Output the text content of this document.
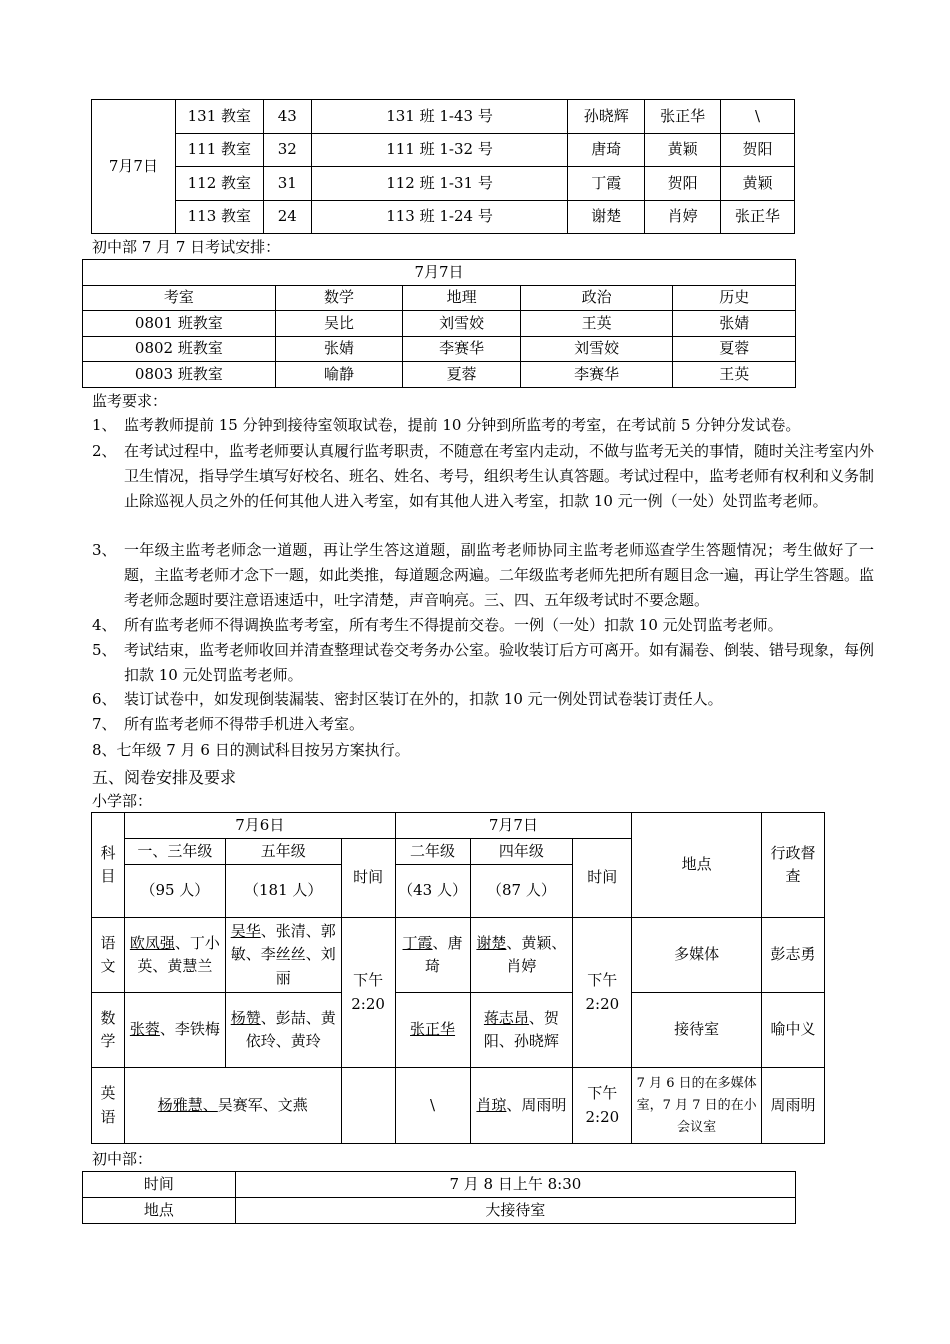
7月7日	131 教室	43	131 班 1-43 号	孙晓辉	张正华	\
	111 教室	32	111 班 1-32 号	唐琦	黄颖	贺阳
	112 教室	31	112 班 1-31 号	丁霞	贺阳	黄颖
	113 教室	24	113 班 1-24 号	谢楚	肖婷	张正华
初中部 7 月 7 日考试安排：
7月7日				
考室	数学	地理	政治	历史
0801 班教室	吴比	刘雪姣	王英	张婧
0802 班教室	张婧	李赛华	刘雪姣	夏蓉
0803 班教室	喻静	夏蓉	李赛华	王英
监考要求：
1、 监考教师提前 15 分钟到接待室领取试卷，提前 10 分钟到所监考的考室，在考试前 5 分钟分发试卷。
2、 在考试过程中，监考老师要认真履行监考职责，不随意在考室内走动，不做与监考无关的事情，随时关注考室内外卫生情况，指导学生填写好校名、班名、姓名、考号，组织考生认真答题。考试过程中，监考老师有权利和义务制止除巡视人员之外的任何其他人进入考室，如有其他人进入考室，扣款 10 元一例（一处）处罚监考老师。
3、 一年级主监考老师念一道题，再让学生答这道题，副监考老师协同主监考老师巡查学生答题情况；考生做好了一题，主监考老师才念下一题，如此类推，每道题念两遍。二年级监考老师先把所有题目念一遍，再让学生答题。监考老师念题时要注意语速适中，吐字清楚，声音响亮。三、四、五年级考试时不要念题。
4、 所有监考老师不得调换监考考室，所有考生不得提前交卷。一例（一处）扣款 10 元处罚监考老师。
5、 考试结束，监考老师收回并清查整理试卷交考务办公室。验收装订后方可离开。如有漏卷、倒装、错号现象，每例扣款 10 元处罚监考老师。
6、 装订试卷中，如发现倒装漏装、密封区装订在外的，扣款 10 元一例处罚试卷装订责任人。
7、 所有监考老师不得带手机进入考室。
8、七年级 7 月 6 日的测试科目按另方案执行。
五、阅卷安排及要求
小学部：
科目	7月6日			7月7日			地点	行政督查
	一、三年级	五年级	时间	二年级	四年级	时间		
	（95 人）	（181 人）		（43 人）	（87 人）			
语文	欧凤强、丁小英、黄慧兰	吴华、张清、郭敏、李丝丝、刘丽	下午 2:20	丁霞、唐琦	谢楚、黄颖、肖婷	下午 2:20	多媒体	彭志勇
数学	张蓉、李铁梅	杨赞、彭喆、黄依玲、黄玲		张正华	蒋志昂、贺阳、孙晓辉		接待室	喻中义
英语	杨雅慧、吴赛军、文燕			\	肖琼、周雨明	下午 2:20	7 月 6 日的在多媒体室，7 月 7 日的在小会议室	周雨明
初中部：
时间	7 月 8 日上午 8:30
地点	大接待室
